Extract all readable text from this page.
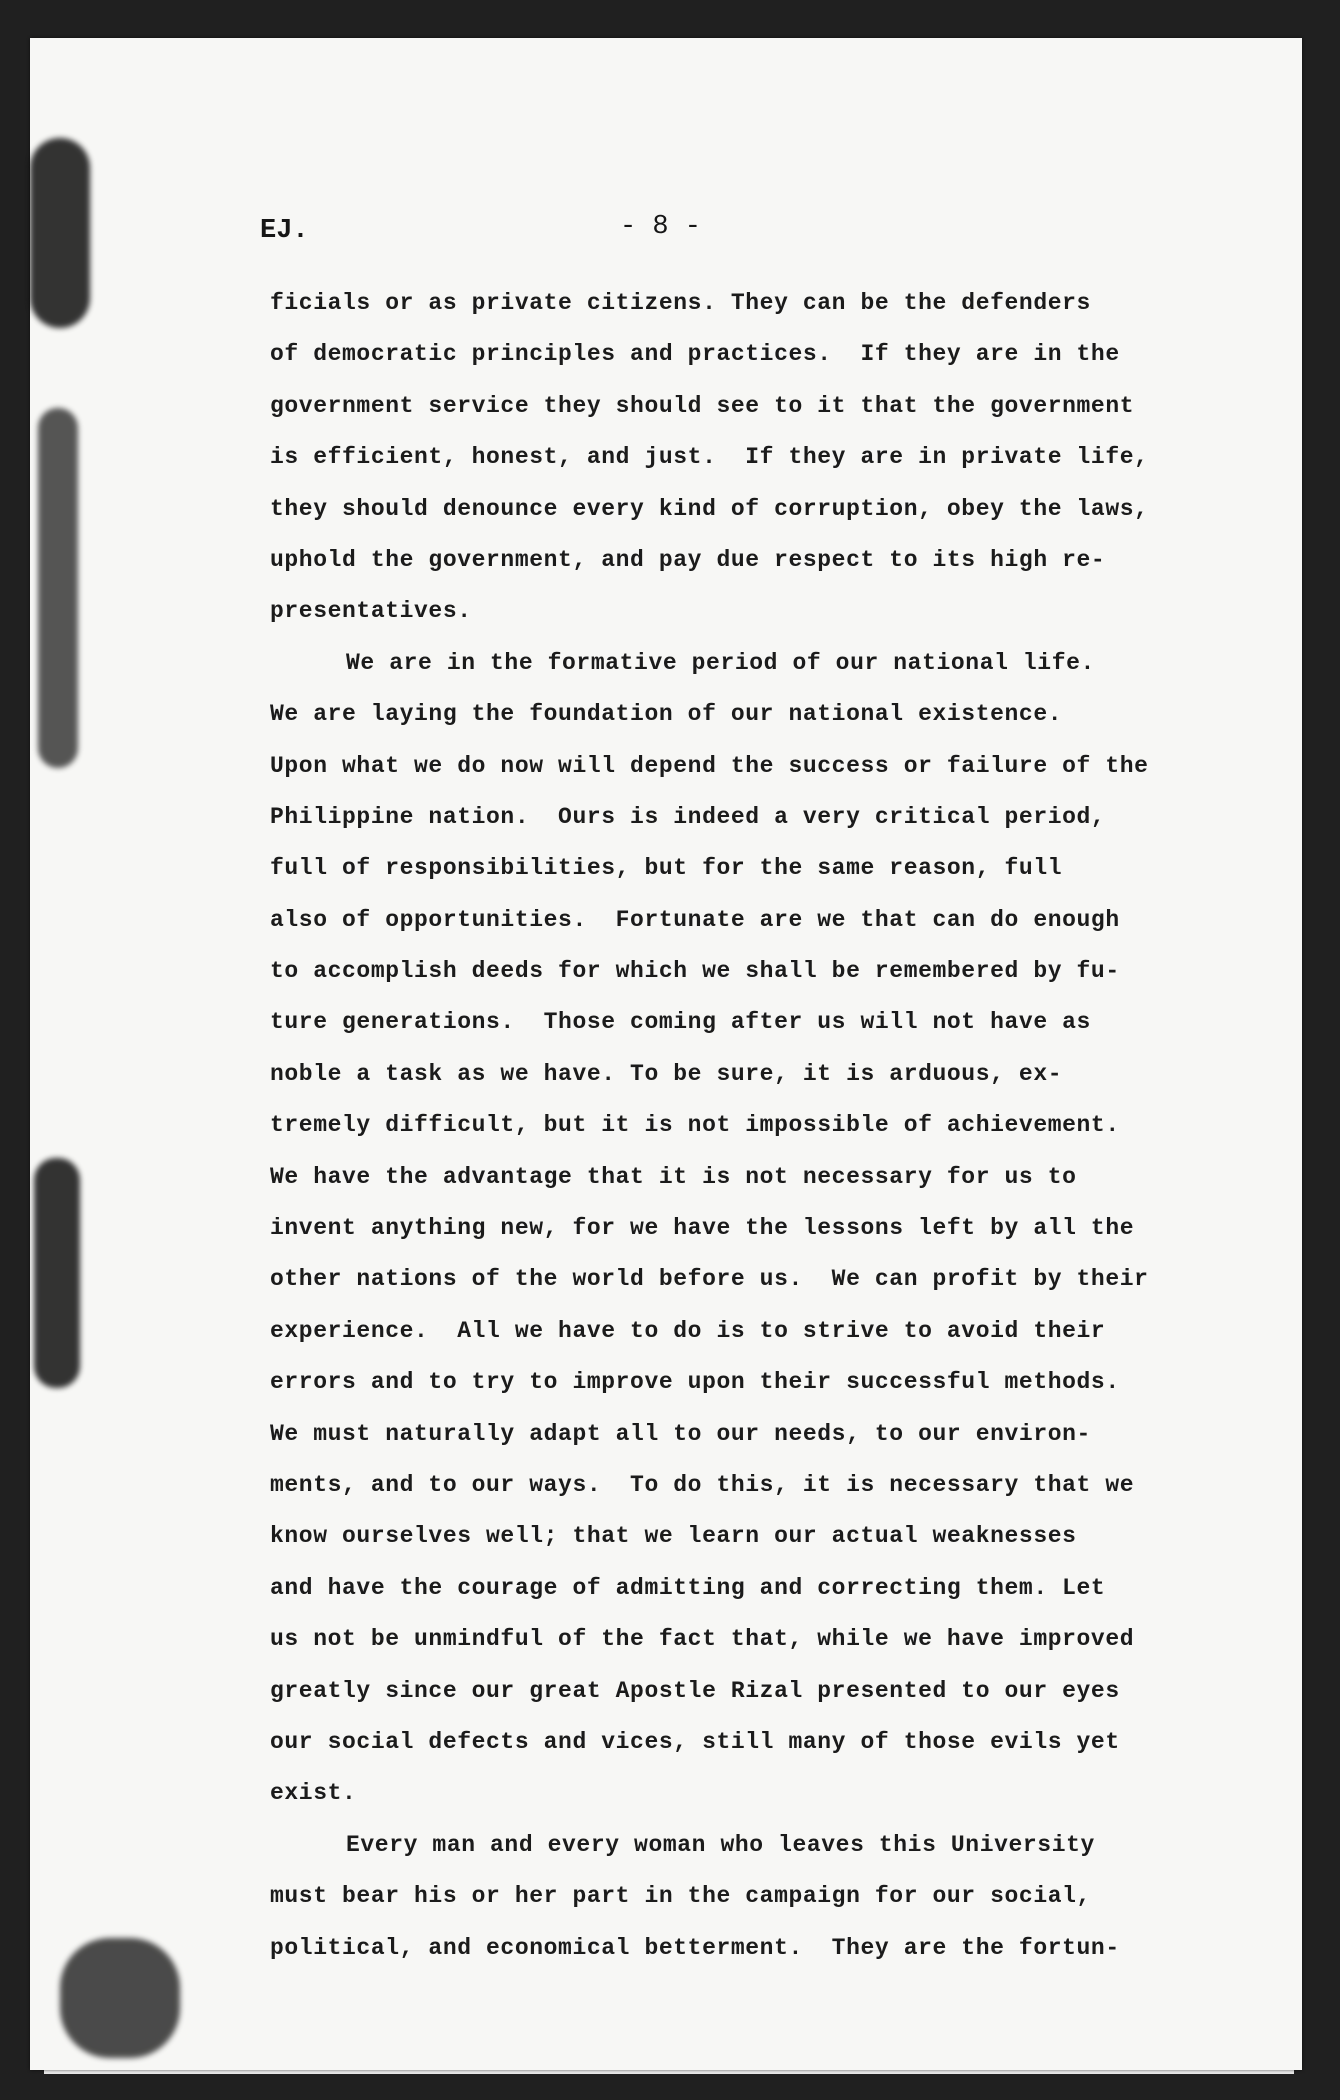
EJ.	- 8 -
ficials or as private citizens. They can be the defenders
of democratic principles and practices.  If they are in the
government service they should see to it that the government
is efficient, honest, and just.  If they are in private life,
they should denounce every kind of corruption, obey the laws,
uphold the government, and pay due respect to its high re-
presentatives.
We are in the formative period of our national life.
We are laying the foundation of our national existence.
Upon what we do now will depend the success or failure of the
Philippine nation.  Ours is indeed a very critical period,
full of responsibilities, but for the same reason, full
also of opportunities.  Fortunate are we that can do enough
to accomplish deeds for which we shall be remembered by fu-
ture generations.  Those coming after us will not have as
noble a task as we have. To be sure, it is arduous, ex-
tremely difficult, but it is not impossible of achievement.
We have the advantage that it is not necessary for us to
invent anything new, for we have the lessons left by all the
other nations of the world before us.  We can profit by their
experience.  All we have to do is to strive to avoid their
errors and to try to improve upon their successful methods.
We must naturally adapt all to our needs, to our environ-
ments, and to our ways.  To do this, it is necessary that we
know ourselves well; that we learn our actual weaknesses
and have the courage of admitting and correcting them. Let
us not be unmindful of the fact that, while we have improved
greatly since our great Apostle Rizal presented to our eyes
our social defects and vices, still many of those evils yet
exist.
Every man and every woman who leaves this University
must bear his or her part in the campaign for our social,
political, and economical betterment.  They are the fortun-
